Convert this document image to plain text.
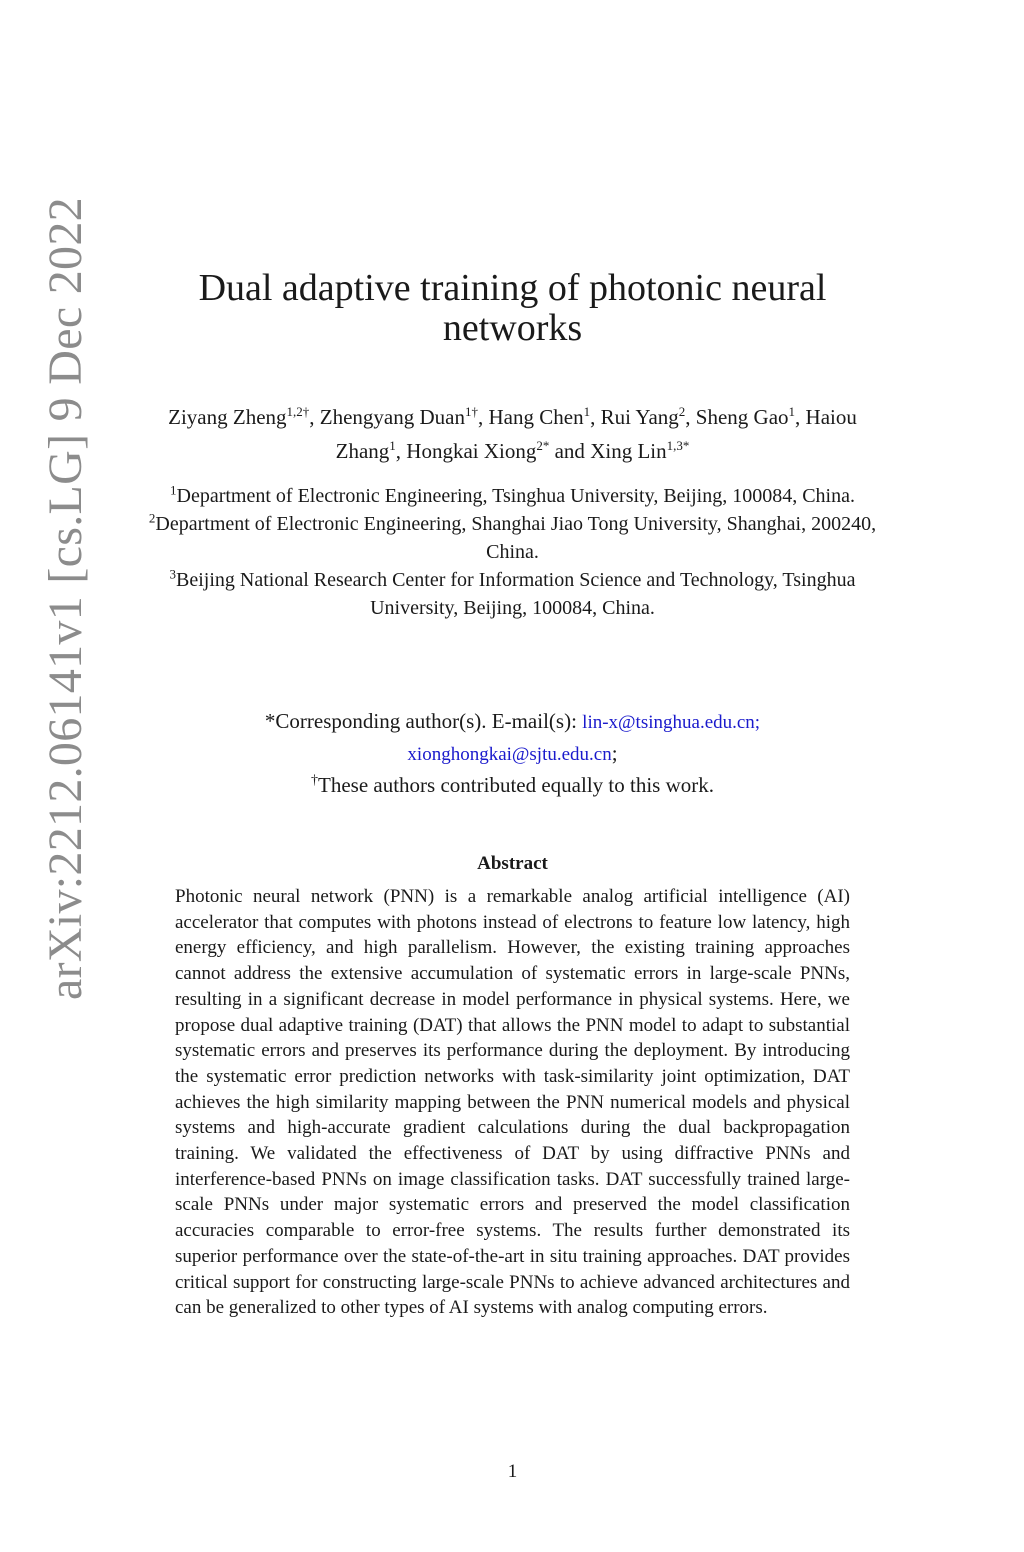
arXiv:2212.06141v1 [cs.LG] 9 Dec 2022	Dual adaptive training of photonic neural networks
Ziyang Zheng$^{1,2\dagger}$, Zhengyang Duan$^{1\dagger}$, Hang Chen$^1$, Rui Yang$^2$, Sheng Gao$^1$, Haiou Zhang$^1$, Hongkai Xiong$^{2*}$ and Xing Lin$^{1,3*}$
$^1$Department of Electronic Engineering, Tsinghua University, Beijing, 100084, China.
$^2$Department of Electronic Engineering, Shanghai Jiao Tong University, Shanghai, 200240, China.
$^3$Beijing National Research Center for Information Science and Technology, Tsinghua University, Beijing, 100084, China.
*Corresponding author(s). E-mail(s): lin-x@tsinghua.edu.cn;
xionghongkai@sjtu.edu.cn;
†These authors contributed equally to this work.
Abstract

Photonic neural network (PNN) is a remarkable analog artificial intelligence (AI) accelerator that computes with photons instead of electrons to feature low latency, high energy efficiency, and high parallelism. However, the existing training approaches cannot address the extensive accumulation of systematic errors in large-scale PNNs, resulting in a significant decrease in model performance in physical systems. Here, we propose dual adaptive training (DAT) that allows the PNN model to adapt to substantial systematic errors and preserves its performance during the deployment. By introducing the systematic error prediction networks with task-similarity joint optimization, DAT achieves the high similarity mapping between the PNN numerical models and physical systems and high-accurate gradient calculations during the dual backpropagation training. We validated the effectiveness of DAT by using diffractive PNNs and interference-based PNNs on image classification tasks. DAT successfully trained large-scale PNNs under major systematic errors and preserved the model classification accuracies comparable to error-free systems. The results further demonstrated its superior performance over the state-of-the-art in situ training approaches. DAT provides critical support for constructing large-scale PNNs to achieve advanced architectures and can be generalized to other types of AI systems with analog computing errors.

1
